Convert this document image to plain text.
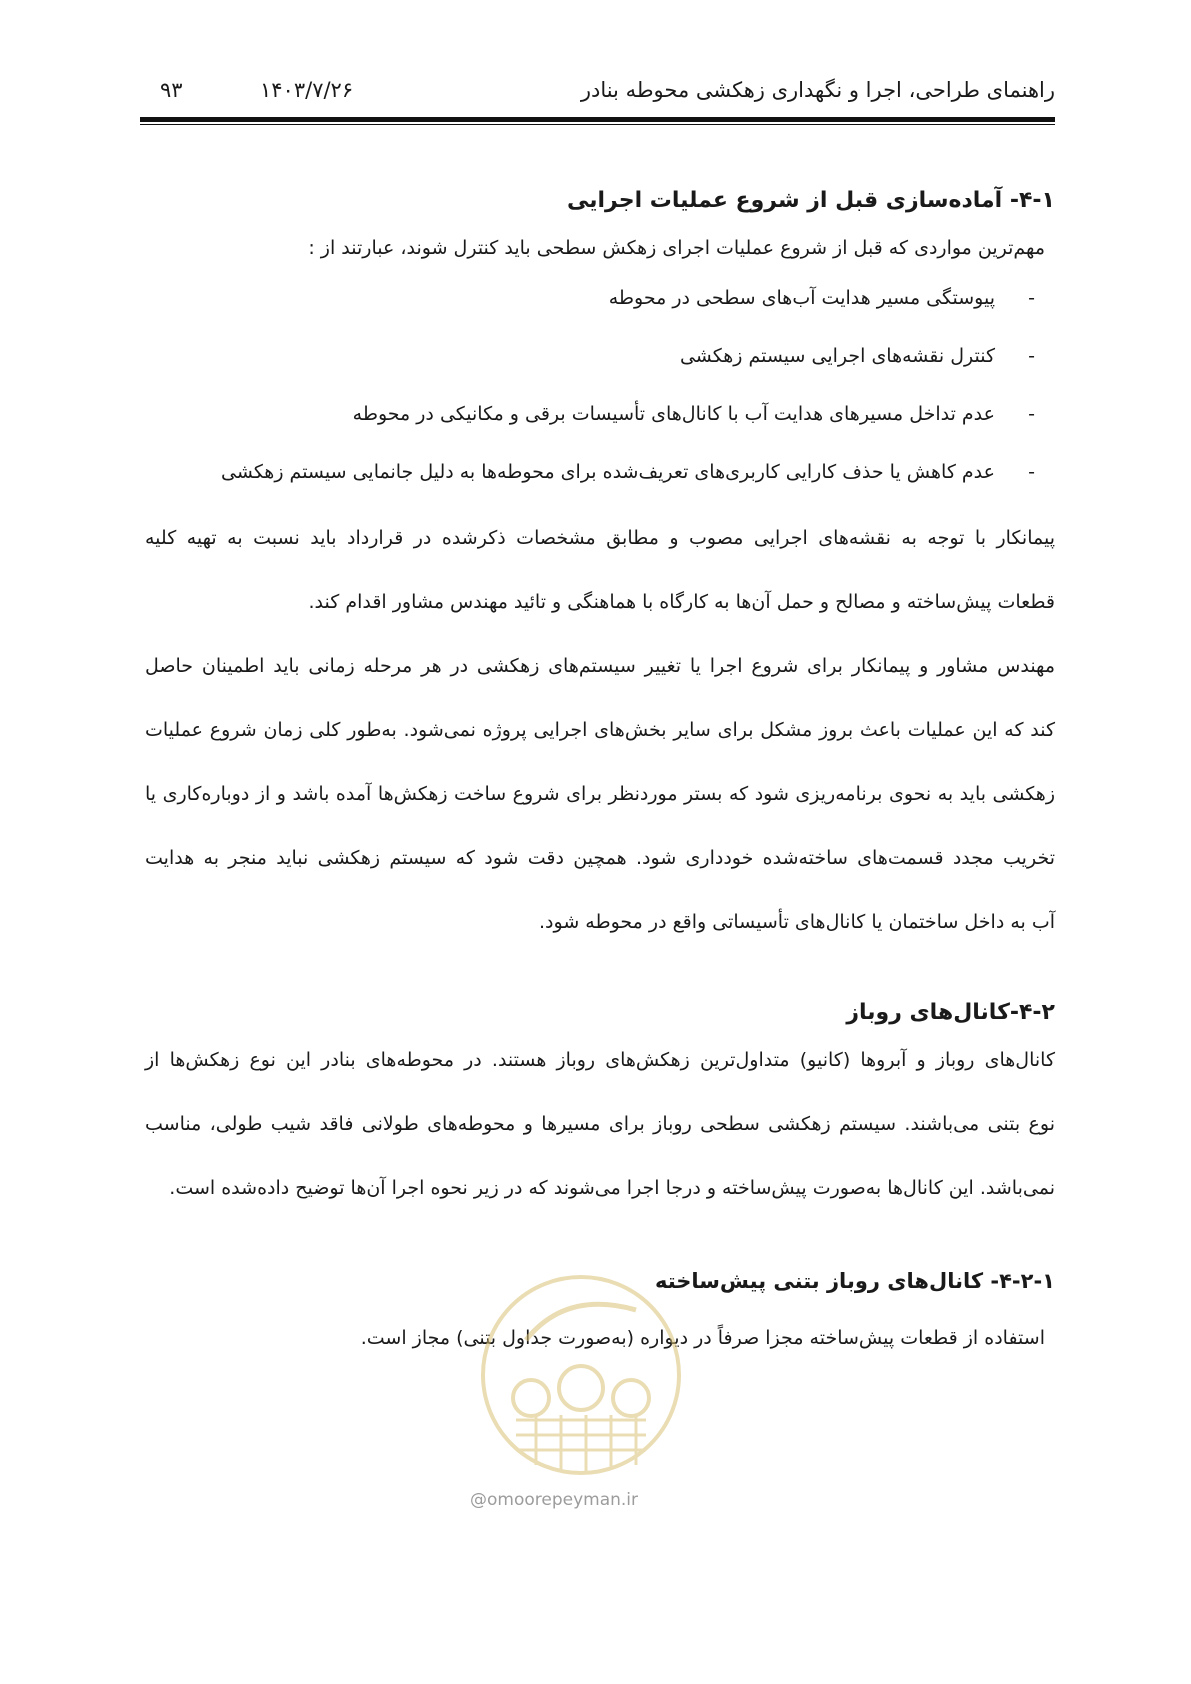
راهنمای طراحی، اجرا و نگهداری زهکشی محوطه بنادر
۱۴۰۳/۷/۲۶
۹۳
۴-۱- آماده‌سازی قبل از شروع عملیات اجرایی

مهم‌ترین مواردی که قبل از شروع عملیات اجرای زهکش سطحی باید کنترل شوند، عبارتند از :

- پیوستگی مسیر هدایت آب‌های سطحی در محوطه
- کنترل نقشه‌های اجرایی سیستم زهکشی
- عدم تداخل مسیرهای هدایت آب با کانال‌های تأسیسات برقی و مکانیکی در محوطه
- عدم کاهش یا حذف کارایی کاربری‌های تعریف‌شده برای محوطه‌ها به دلیل جانمایی سیستم زهکشی
پیمانکار با توجه به نقشه‌های اجرایی مصوب و مطابق مشخصات ذکرشده در قرارداد باید نسبت به تهیه کلیه
قطعات پیش‌ساخته و مصالح و حمل آن‌ها به کارگاه با هماهنگی و تائید مهندس مشاور اقدام کند.
مهندس مشاور و پیمانکار برای شروع اجرا یا تغییر سیستم‌های زهکشی در هر مرحله زمانی باید اطمینان حاصل
کند که این عملیات باعث بروز مشکل برای سایر بخش‌های اجرایی پروژه نمی‌شود. به‌طور کلی زمان شروع عملیات
زهکشی باید به نحوی برنامه‌ریزی شود که بستر موردنظر برای شروع ساخت زهکش‌ها آمده باشد و از دوباره‌کاری یا
تخریب مجدد قسمت‌های ساخته‌شده خودداری شود. همچین دقت شود که سیستم زهکشی نباید منجر به هدایت
آب به داخل ساختمان یا کانال‌های تأسیساتی واقع در محوطه شود.
۴-۲-کانال‌های روباز
کانال‌های روباز و آبروها (کانیو) متداول‌ترین زهکش‌های روباز هستند. در محوطه‌های بنادر این نوع زهکش‌ها از
نوع بتنی می‌باشند. سیستم زهکشی سطحی روباز برای مسیرها و محوطه‌های طولانی فاقد شیب طولی، مناسب
نمی‌باشد. این کانال‌ها به‌صورت پیش‌ساخته و درجا اجرا می‌شوند که در زیر نحوه اجرا آن‌ها توضیح داده‌شده است.
۴-۲-۱- کانال‌های روباز بتنی پیش‌ساخته

استفاده از قطعات پیش‌ساخته مجزا صرفاً در دیواره (به‌صورت جداول بتنی) مجاز است.

@omoorepeyman.ir
